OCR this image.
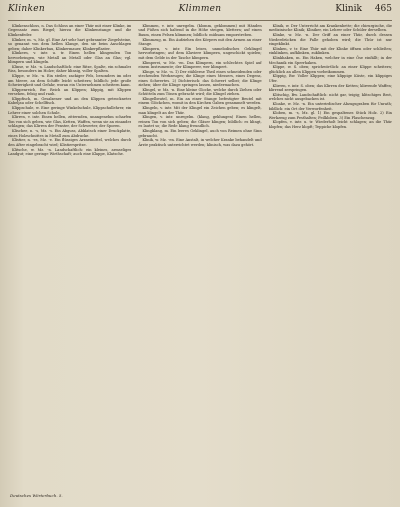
Klinken	Klimmen	Klinik 465

Klinkenschloss, n. Das Schloss an einer Thür mit einer Klinke, im Gegensatz zum Riegel; hierzu die Klinkenstange und die Klinkenfeder.

Klinker, m. -s, Mz. gl. Eine Art sehr hart gebrannter Ziegelsteine, so genannt von dem hellen Klange, den sie beim Anschlagen geben; daher Klinkerbau, Klinkermauer, Klinkerpflaster.

Klinkern, v. intr. u. tr. Einen hellen klingenden Ton hervorbringen, wie Metall an Metall oder Glas an Glas; vgl. klimpern und klingeln.

Klinse, w. Mz. -n. Landschaftlich: eine Ritze, Spalte, ein schmaler Riss, besonders im Holze; daher klinsig, voller Spalten.

Klippe, w. Mz. -n. Ein steiler, zackiger Fels, besonders im oder am Meere, an dem Schiffe leicht scheitern; bildlich: jede große Schwierigkeit und Gefahr, woran ein Unternehmen scheitern kann.

Klippenreich, Bw. Reich an Klippen; klippig, mit Klippen versehen, felsig und rauh.

Klippfisch, m. Gesalzener und an den Klippen getrockneter Kabeljau oder Schellfisch.

Klippschule, w. Eine geringe Winkelschule, Klippschullehrer, ein Lehrer einer solchen Schule.

Klirren, v. intr. Einen hellen, zitternden, unangenehm scharfen Ton von sich geben, wie Glas, Ketten, Waffen, wenn sie an einander schlagen; das Klirren der Fenster, der Schwerter, der Sporen.

Klischee, n. -s, Mz. -s. Ein Abguss, Abklatsch einer Druckplatte, eines Holzschnittes in Metall zum Abdrucke.

Klistier, n. -es, Mz. -e. Ein flüssiges Arzneimittel, welches durch den After eingebracht wird; Klistierspritze.

Klitsche, w. Mz. -n. Landschaftlich: ein kleines, armseliges Landgut; eine geringe Wirthschaft; auch eine Klappe, Klatsche.

Klimmen, v. intr. unregelm. (klomm, geklommen) mit Händen und Füßen sich haltend in die Höhe steigen, klettern; auf einen Baum, einen Felsen klimmen; bildlich: mühsam emporstreben.

Klimmzug, m. Ein Aufziehen des Körpers mit den Armen an einer Stange.

Klimpern, v. intr. Ein leises, unmelodisches Geklingel hervorbringen; auf dem Klaviere klimpern, ungeschickt spielen; mit dem Gelde in der Tasche klimpern.

Klimperei, w. Mz. -en. Das Klimpern, ein schlechtes Spiel auf einem Instrumente; der Klimperer, wer klimpert.

Klinge, w. Mz. -n. 1) Der stählerne Theil eines schneidenden oder stechenden Werkzeuges; die Klinge eines Messers, eines Degens, eines Schwertes. 2) Dichterisch: das Schwert selbst; die Klinge ziehen; über die Klinge springen lassen, niedermachen.

Klingel, w. Mz. -n. Eine kleine Glocke, welche durch Ziehen oder Schütteln zum Tönen gebracht wird; die Klingel ziehen.

Klingelbeutel, m. Ein an einer Stange befestigter Beutel mit einem Glöckchen, womit in den Kirchen Gaben gesammelt werden.

Klingeln, v. intr. Mit der Klingel ein Zeichen geben; es klingelt, man klingelt an der Thür.

Klingen, v. intr. unregelm. (klang, geklungen) Einen hellen, reinen Ton von sich geben; die Gläser klingen; bildlich: es klingt, es lautet so; die Rede klang freundlich.

Klingklang, m. Ein leeres Geklingel, auch von Reimen ohne Sinn gebraucht.

Klinik, w. Mz. -en. Eine Anstalt, in welcher Kranke behandelt und Ärzte praktisch unterrichtet werden; klinisch, was dazu gehört.

Klinik, w. Der Unterricht am Krankenbette; die chirurgische, die medizinische Klinik; Kliniker, ein Lehrer oder Schüler derselben.

Klinke, w. Mz. -n. Der Griff an einer Thür, durch dessen Niederdrücken die Falle gehoben wird; die Thür ist nur eingeklinkt.

Klinken, v. tr. Eine Thür mit der Klinke öffnen oder schließen; einklinken, aufklinken, zuklinken.

Klinkhaken, m. Ein Haken, welcher in eine Öse einfällt; in der Mechanik ein Sperrhaken.

Klippe, w. S. oben; sprichwörtlich: an einer Klippe scheitern; glücklich an allen Klippen vorbeikommen.

Klippig, Bw. Voller Klippen; eine klippige Küste, ein klippiges Ufer.

Klirren, v. intr. S. oben; das Klirren der Ketten; klirrende Waffen; klirrend zerspringen.

Klitschig, Bw. Landschaftlich: nicht gar, teigig; klitschiges Brot, welches nicht ausgebacken ist.

Kloake, w. Mz. -n. Ein unterirdischer Abzugsgraben für Unrath; bildlich: ein Ort der Verworfenheit.

Kloben, m. -s, Mz. gl. 1) Ein gespaltenes Stück Holz. 2) Ein Werkzeug zum Festhalten; Feilkloben. 3) Ein Flaschenzug.

Klopfen, v. intr. u. tr. Wiederholt leicht schlagen; an die Thür klopfen; das Herz klopft; Teppiche klopfen.

Deutsches Wörterbuch. 5.
